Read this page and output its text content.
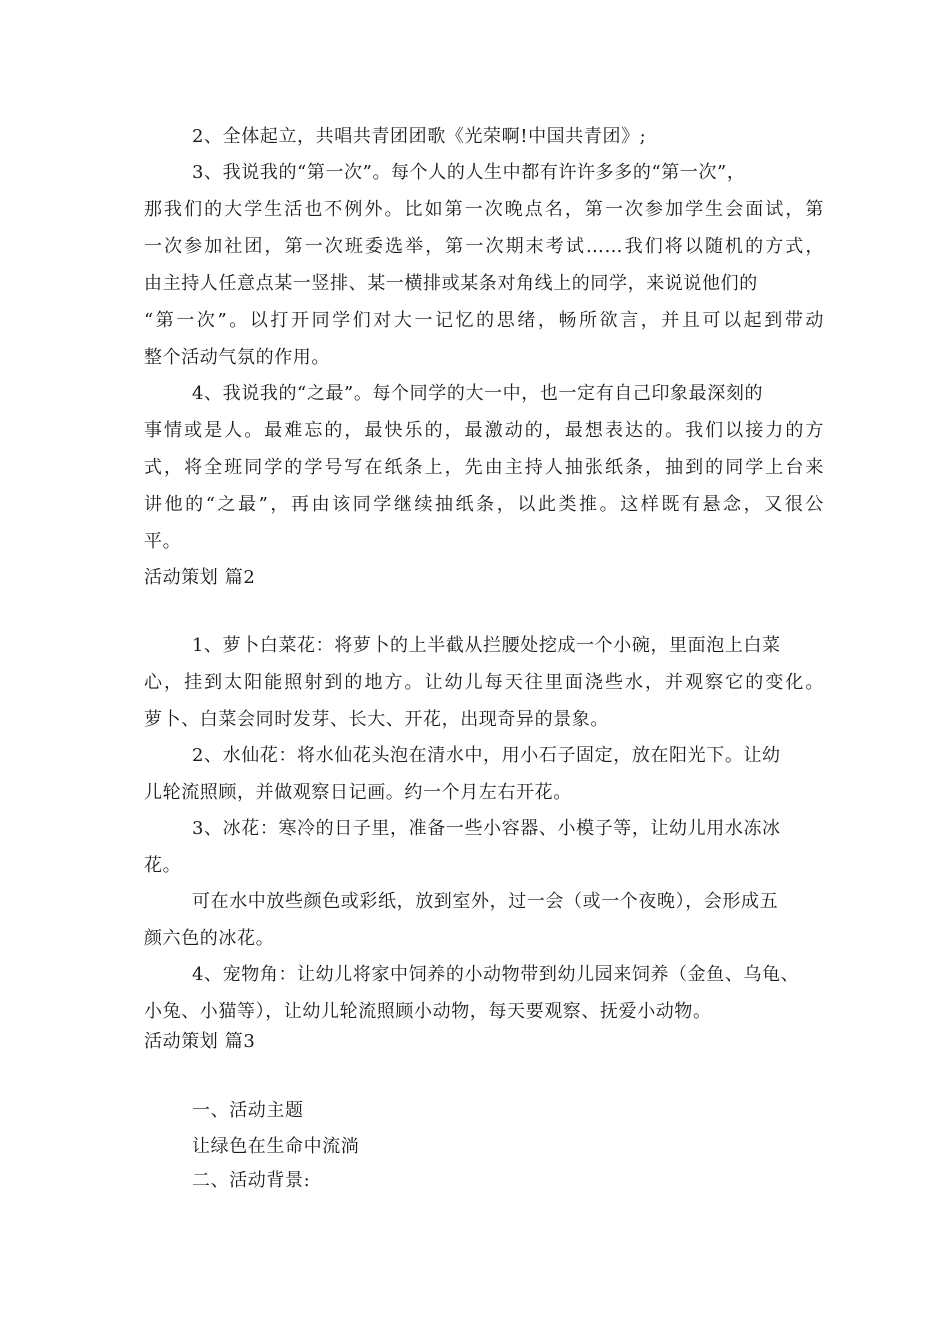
2、全体起立，共唱共青团团歌《光荣啊!中国共青团》;
3、我说我的“第一次”。每个人的人生中都有许许多多的“第一次”，
那我们的大学生活也不例外。比如第一次晚点名，第一次参加学生会面试，第
一次参加社团，第一次班委选举，第一次期末考试……我们将以随机的方式，
由主持人任意点某一竖排、某一横排或某条对角线上的同学，来说说他们的
“第一次”。以打开同学们对大一记忆的思绪，畅所欲言，并且可以起到带动
整个活动气氛的作用。
4、我说我的“之最”。每个同学的大一中，也一定有自己印象最深刻的
事情或是人。最难忘的，最快乐的，最激动的，最想表达的。我们以接力的方
式，将全班同学的学号写在纸条上，先由主持人抽张纸条，抽到的同学上台来
讲他的“之最”，再由该同学继续抽纸条，以此类推。这样既有悬念，又很公
平。
活动策划 篇2
1、萝卜白菜花：将萝卜的上半截从拦腰处挖成一个小碗，里面泡上白菜
心，挂到太阳能照射到的地方。让幼儿每天往里面浇些水，并观察它的变化。
萝卜、白菜会同时发芽、长大、开花，出现奇异的景象。
2、水仙花：将水仙花头泡在清水中，用小石子固定，放在阳光下。让幼
儿轮流照顾，并做观察日记画。约一个月左右开花。
3、冰花：寒冷的日子里，准备一些小容器、小模子等，让幼儿用水冻冰
花。
可在水中放些颜色或彩纸，放到室外，过一会（或一个夜晚），会形成五
颜六色的冰花。
4、宠物角：让幼儿将家中饲养的小动物带到幼儿园来饲养（金鱼、乌龟、
小兔、小猫等），让幼儿轮流照顾小动物，每天要观察、抚爱小动物。
活动策划 篇3
一、活动主题
让绿色在生命中流淌
二、活动背景:
